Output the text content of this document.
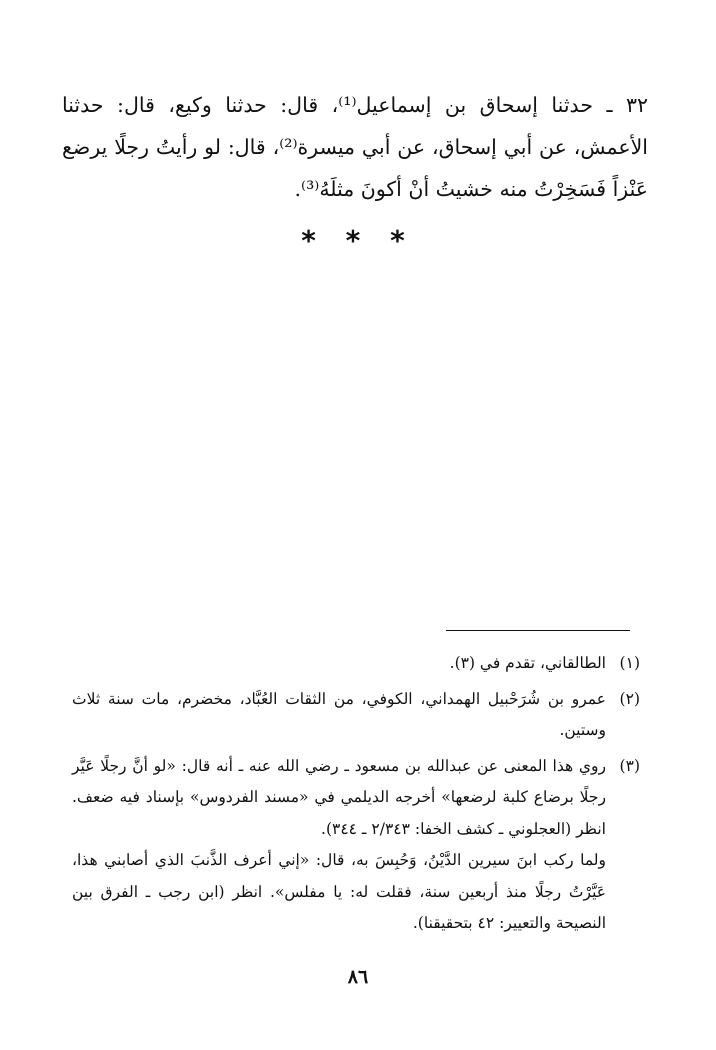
٣٢ ـ حدثنا إسحاق بن إسماعيل⁽¹⁾، قال: حدثنا وكيع، قال: حدثنا الأعمش، عن أبي إسحاق، عن أبي ميسرة⁽²⁾، قال: لو رأيتُ رجلًا يرضع عَنْزاً فَسَخِرْتُ منه خشيتُ أنْ أكونَ مثلَهُ⁽³⁾.

* * *
(١)

الطالقاني، تقدم في (٣).

(٢)

عمرو بن شُرَحْبيل الهمداني، الكوفي، من الثقات العُبَّاد، مخضرم، مات سنة ثلاث وستين.

(٣)

روي هذا المعنى عن عبدالله بن مسعود ـ رضي الله عنه ـ أنه قال: «لو أنَّ رجلًا عَيَّر رجلًا برضاع كلبة لرضعها» أخرجه الديلمي في «مسند الفردوس» بإسناد فيه ضعف. انظر (العجلوني ـ كشف الخفا: ٢/٣٤٣ ـ ٣٤٤).

ولما ركب ابنَ سيرين الدَّيْنُ، وَحُبِسَ به، قال: «إني أعرف الذَّنبَ الذي أصابني هذا، عَيَّرْتُ رجلًا منذ أربعين سنة، فقلت له: يا مفلس». انظر (ابن رجب ـ الفرق بين النصيحة والتعيير: ٤٢ بتحقيقنا).

٨٦
